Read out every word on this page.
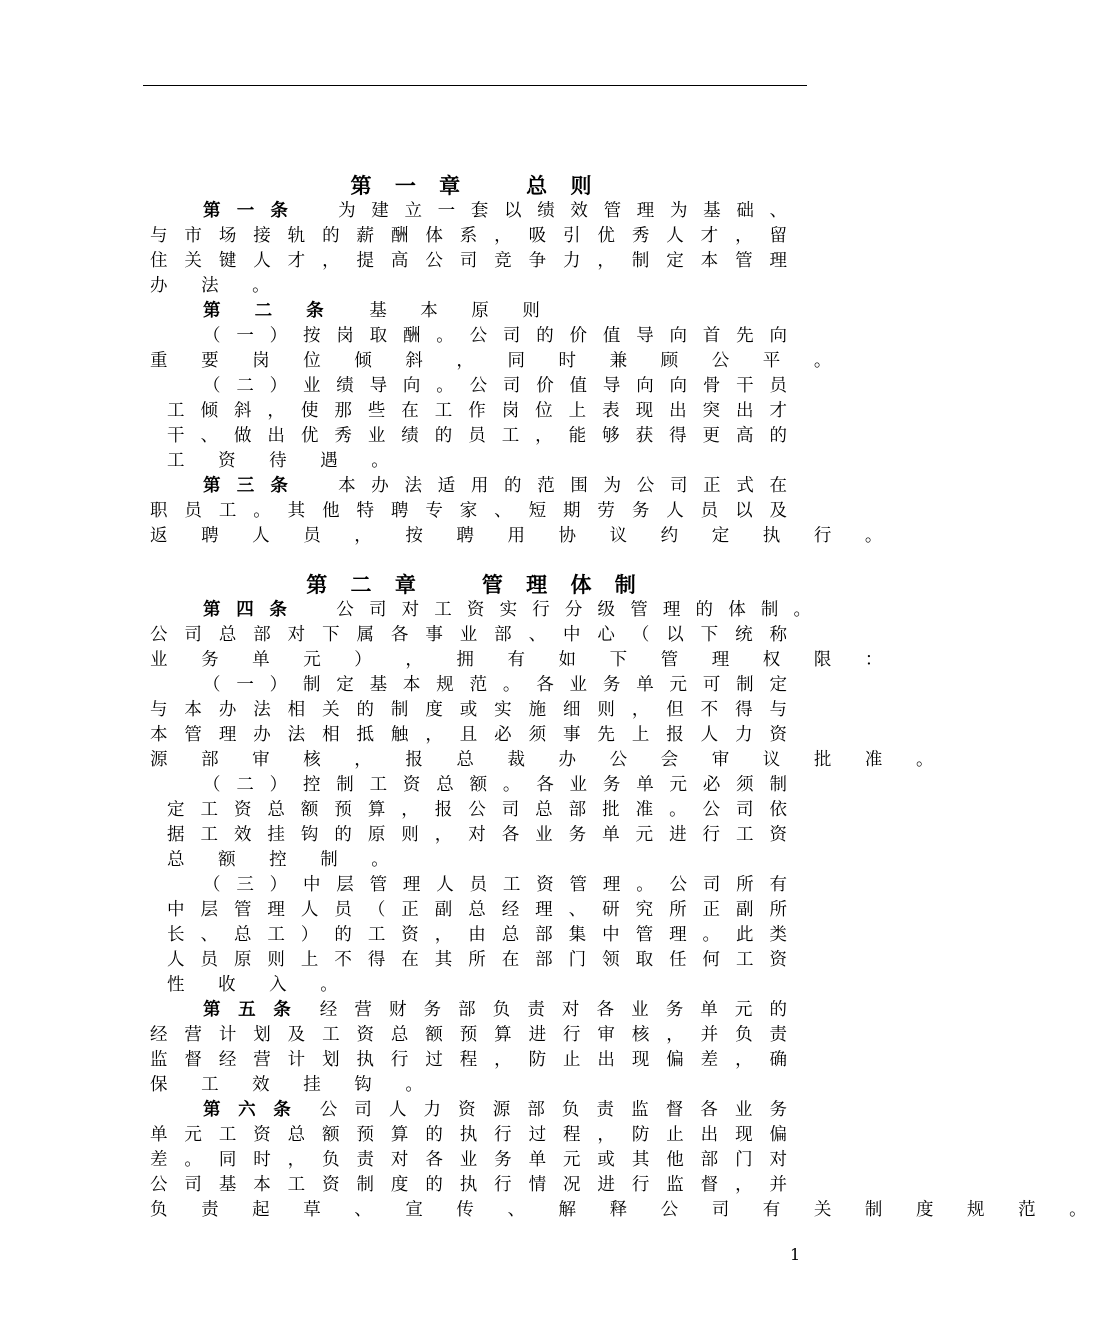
第 一 章　　总 则
第 一 条　　	为 建 立 一 套 以 绩 效 管 理 为 基 础 、
与 市 场 接 轨 的 薪 酬 体 系 ， 吸 引 优 秀 人 才 ， 留
住 关 键 人 才 ， 提 高 公 司 竞 争 力 ， 制 定 本 管 理
办 法 。
第 二 条　 基 本 原 则
（ 一 ） 按 岗 取 酬 。 公 司 的 价 值 导 向 首 先 向
重 要 岗 位 倾 斜 ， 同 时 兼 顾 公 平 。
（ 二 ） 业 绩 导 向 。 公 司 价 值 导 向 向 骨 干 员
工 倾 斜 ， 使 那 些 在 工 作 岗 位 上 表 现 出 突 出 才
干 、 做 出 优 秀 业 绩 的 员 工 ， 能 够 获 得 更 高 的
工 资 待 遇 。
第 三 条　　	本 办 法 适 用 的 范 围 为 公 司 正 式 在
职 员 工 。 其 他 特 聘 专 家 、 短 期 劳 务 人 员 以 及
返 聘 人 员 ， 按 聘 用 协 议 约 定 执 行 。
第 二 章　　管 理 体 制
第 四 条　　	公 司 对 工 资 实 行 分 级 管 理 的 体 制 。
公 司 总 部 对 下 属 各 事 业 部 、 中 心 （ 以 下 统 称
业 务 单 元 ） ， 拥 有 如 下 管 理 权 限 ：
（ 一 ） 制 定 基 本 规 范 。 各 业 务 单 元 可 制 定
与 本 办 法 相 关 的 制 度 或 实 施 细 则 ， 但 不 得 与
本 管 理 办 法 相 抵 触 ， 且 必 须 事 先 上 报 人 力 资
源 部 审 核 ， 报 总 裁 办 公 会 审 议 批 准 。
（ 二 ） 控 制 工 资 总 额 。 各 业 务 单 元 必 须 制
定 工 资 总 额 预 算 ， 报 公 司 总 部 批 准 。 公 司 依
据 工 效 挂 钩 的 原 则 ， 对 各 业 务 单 元 进 行 工 资
总 额 控 制 。
（ 三 ） 中 层 管 理 人 员 工 资 管 理 。 公 司 所 有
中 层 管 理 人 员 （ 正 副 总 经 理 、 研 究 所 正 副 所
长 、 总 工 ） 的 工 资 ， 由 总 部 集 中 管 理 。 此 类
人 员 原 则 上 不 得 在 其 所 在 部 门 领 取 任 何 工 资
性 收 入 。
第 五 条　 经 营 财 务 部 负 责 对 各 业 务 单 元 的
经 营 计 划 及 工 资 总 额 预 算 进 行 审 核 ， 并 负 责
监 督 经 营 计 划 执 行 过 程 ， 防 止 出 现 偏 差 ， 确
保 工 效 挂 钩 。
第 六 条　 公 司 人 力 资 源 部 负 责 监 督 各 业 务
单 元 工 资 总 额 预 算 的 执 行 过 程 ， 防 止 出 现 偏
差 。 同 时 ， 负 责 对 各 业 务 单 元 或 其 他 部 门 对
公 司 基 本 工 资 制 度 的 执 行 情 况 进 行 监 督 ， 并
负 责 起 草 、 宣 传 、 解 释 公 司 有 关 制 度 规 范 。
1
